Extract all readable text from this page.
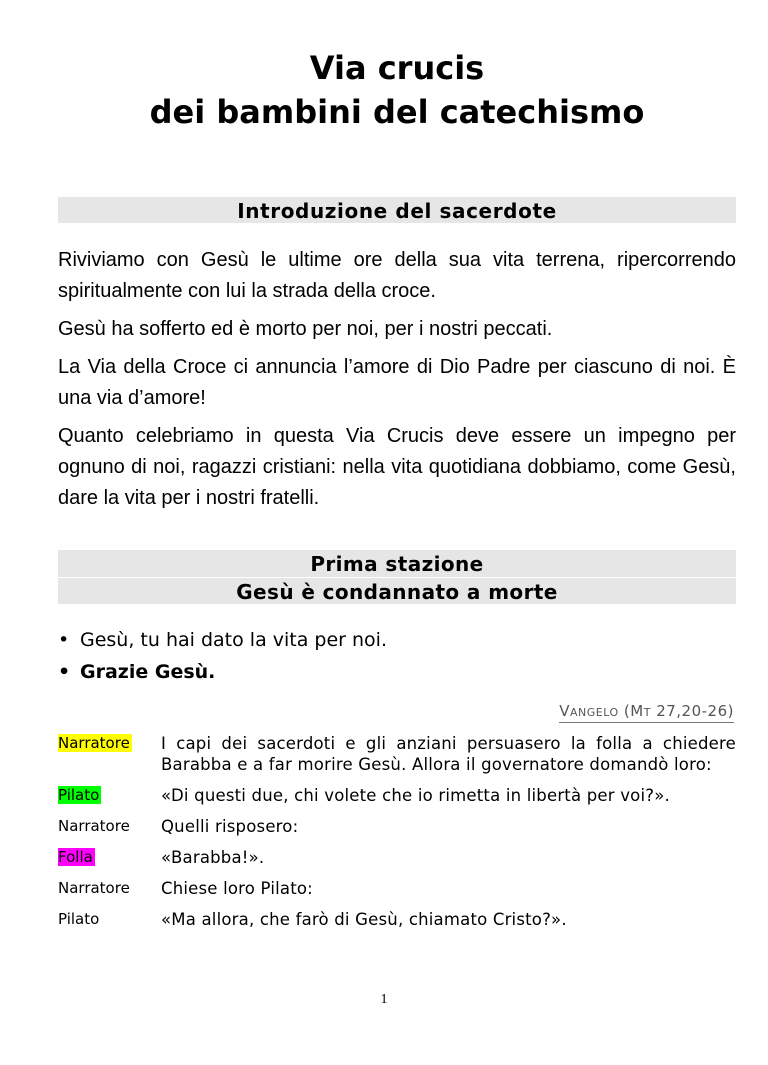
Via crucis
dei bambini del catechismo
Introduzione del sacerdote

Riviviamo con Gesù le ultime ore della sua vita terrena, ripercorrendo spiritualmente con lui la strada della croce.

Gesù ha sofferto ed è morto per noi, per i nostri peccati.

La Via della Croce ci annuncia l’amore di Dio Padre per ciascuno di noi. È una via d’amore!

Quanto celebriamo in questa Via Crucis deve essere un impegno per ognuno di noi, ragazzi cristiani: nella vita quotidiana dobbiamo, come Gesù, dare la vita per i nostri fratelli.

Prima stazione
Gesù è condannato a morte
• Gesù, tu hai dato la vita per noi.
• Grazie Gesù.
Vangelo (Mt 27,20-26)
Narratore	I capi dei sacerdoti e gli anziani persuasero la folla a chiedere Barabba e a far morire Gesù. Allora il governatore domandò loro:
Pilato	«Di questi due, chi volete che io rimetta in libertà per voi?».
Narratore	Quelli risposero:
Folla	«Barabba!».
Narratore	Chiese loro Pilato:
Pilato	«Ma allora, che farò di Gesù, chiamato Cristo?».
1
